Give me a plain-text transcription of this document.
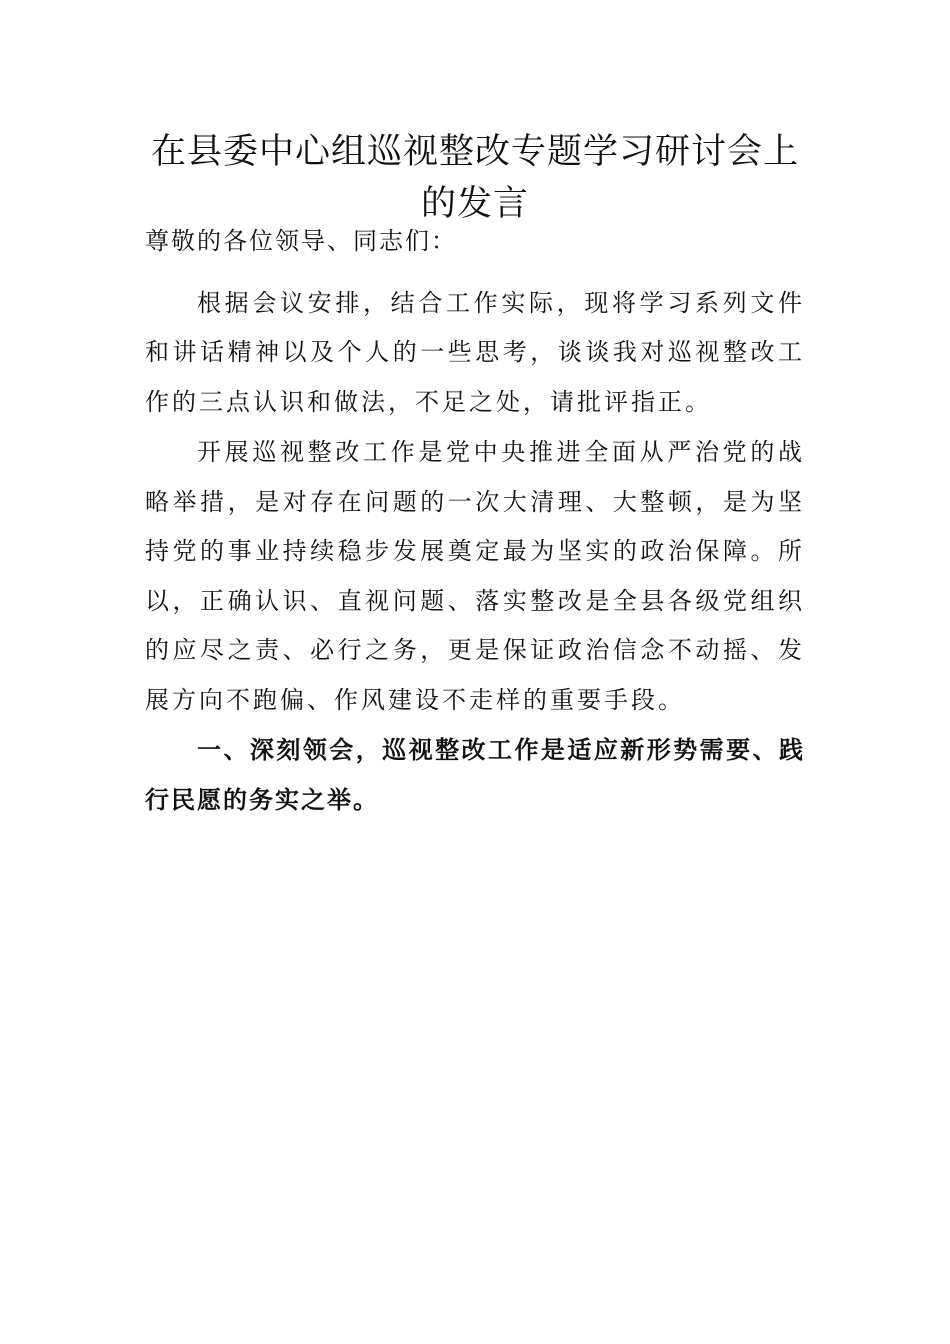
在县委中心组巡视整改专题学习研讨会上的发言

尊敬的各位领导、同志们：

根据会议安排，结合工作实际，现将学习系列文件和讲话精神以及个人的一些思考，谈谈我对巡视整改工作的三点认识和做法，不足之处，请批评指正。

开展巡视整改工作是党中央推进全面从严治党的战略举措，是对存在问题的一次大清理、大整顿，是为坚持党的事业持续稳步发展奠定最为坚实的政治保障。所以，正确认识、直视问题、落实整改是全县各级党组织的应尽之责、必行之务，更是保证政治信念不动摇、发展方向不跑偏、作风建设不走样的重要手段。

一、深刻领会，巡视整改工作是适应新形势需要、践行民愿的务实之举。
